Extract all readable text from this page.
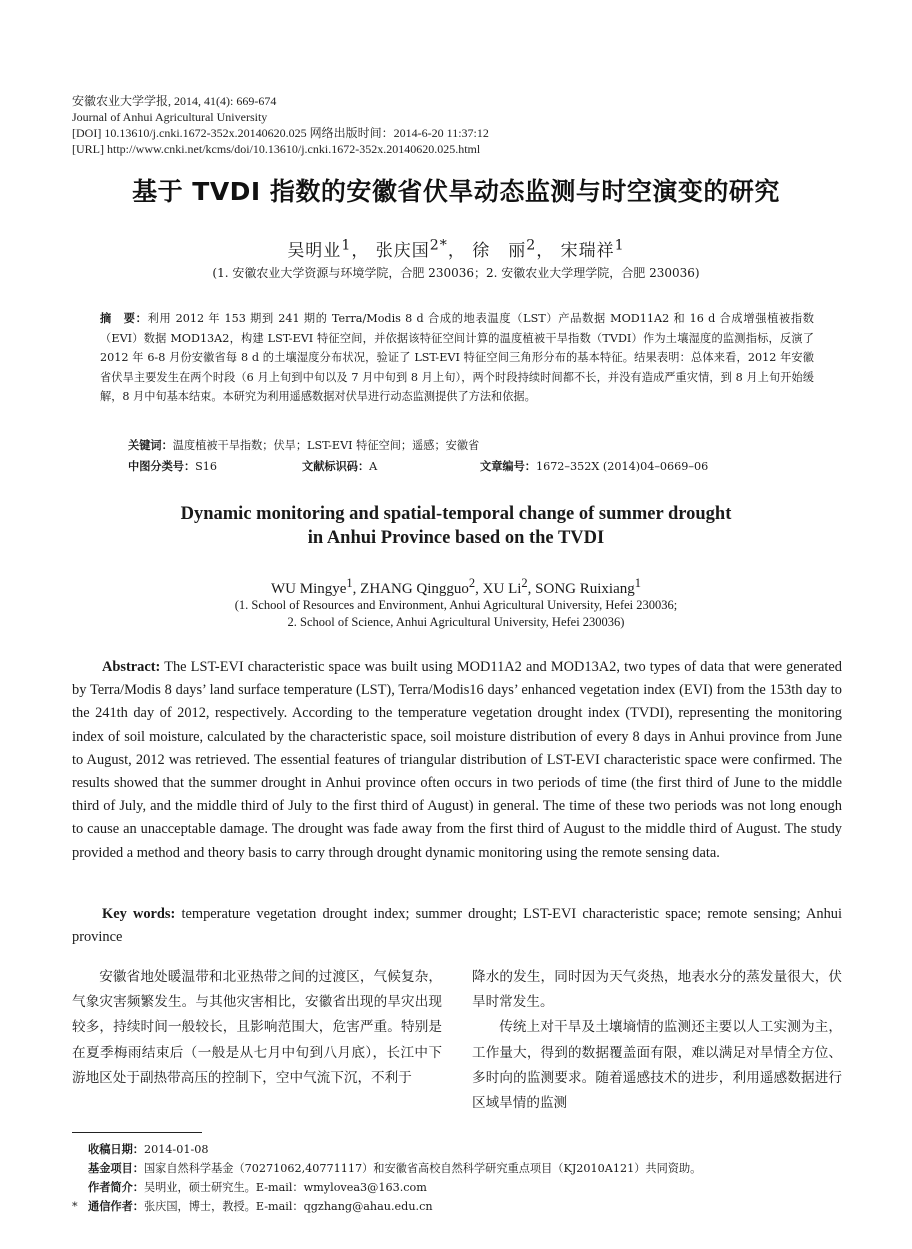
安徽农业大学学报, 2014, 41(4): 669-674
Journal of Anhui Agricultural University
[DOI] 10.13610/j.cnki.1672-352x.20140620.025 网络出版时间：2014-6-20 11:37:12
[URL] http://www.cnki.net/kcms/doi/10.13610/j.cnki.1672-352x.20140620.025.html
基于 TVDI 指数的安徽省伏旱动态监测与时空演变的研究
吴明业$^1$， 张庆国$^{2*}$， 徐　丽$^2$， 宋瑞祥$^1$
(1. 安徽农业大学资源与环境学院，合肥 230036；2. 安徽农业大学理学院，合肥 230036)
摘　要：利用 2012 年 153 期到 241 期的 Terra/Modis 8 d 合成的地表温度（LST）产品数据 MOD11A2 和 16 d 合成增强植被指数（EVI）数据 MOD13A2，构建 LST-EVI 特征空间，并依据该特征空间计算的温度植被干旱指数（TVDI）作为土壤湿度的监测指标，反演了 2012 年 6-8 月份安徽省每 8 d 的土壤湿度分布状况，验证了 LST-EVI 特征空间三角形分布的基本特征。结果表明：总体来看，2012 年安徽省伏旱主要发生在两个时段（6 月上旬到中旬以及 7 月中旬到 8 月上旬），两个时段持续时间都不长，并没有造成严重灾情，到 8 月上旬开始缓解，8 月中旬基本结束。本研究为利用遥感数据对伏旱进行动态监测提供了方法和依据。
关键词：温度植被干旱指数；伏旱；LST-EVI 特征空间；遥感；安徽省
中图分类号：S16	文献标识码：A	文章编号：1672–352X (2014)04–0669–06
Dynamic monitoring and spatial-temporal change of summer drought
in Anhui Province based on the TVDI
WU Mingye$^1$, ZHANG Qingguo$^2$, XU Li$^2$, SONG Ruixiang$^1$
(1. School of Resources and Environment, Anhui Agricultural University, Hefei 230036;
2. School of Science, Anhui Agricultural University, Hefei 230036)
Abstract: The LST-EVI characteristic space was built using MOD11A2 and MOD13A2, two types of data that were generated by Terra/Modis 8 days’ land surface temperature (LST), Terra/Modis16 days’ enhanced vegetation index (EVI) from the 153th day to the 241th day of 2012, respectively. According to the temperature vegetation drought index (TVDI), representing the monitoring index of soil moisture, calculated by the characteristic space, soil moisture distribution of every 8 days in Anhui province from June to August, 2012 was retrieved. The essential features of triangular distribution of LST-EVI characteristic space were confirmed. The results showed that the summer drought in Anhui province often occurs in two periods of time (the first third of June to the middle third of July, and the middle third of July to the first third of August) in general. The time of these two periods was not long enough to cause an unacceptable damage. The drought was fade away from the first third of August to the middle third of August. The study provided a method and theory basis to carry through drought dynamic monitoring using the remote sensing data.
Key words: temperature vegetation drought index; summer drought; LST-EVI characteristic space; remote sensing; Anhui province

安徽省地处暖温带和北亚热带之间的过渡区，气候复杂，气象灾害频繁发生。与其他灾害相比，安徽省出现的旱灾出现较多，持续时间一般较长，且影响范围大，危害严重。特别是在夏季梅雨结束后（一般是从七月中旬到八月底），长江中下游地区处于副热带高压的控制下，空中气流下沉，不利于

降水的发生，同时因为天气炎热，地表水分的蒸发量很大，伏旱时常发生。

传统上对干旱及土壤墒情的监测还主要以人工实测为主，工作量大，得到的数据覆盖面有限，难以满足对旱情全方位、多时向的监测要求。随着遥感技术的进步，利用遥感数据进行区域旱情的监测

收稿日期：2014-01-08
基金项目：国家自然科学基金（70271062,40771117）和安徽省高校自然科学研究重点项目（KJ2010A121）共同资助。
作者简介：吴明业，硕士研究生。E-mail：wmylovea3@163.com
* 通信作者：张庆国，博士，教授。E-mail：qgzhang@ahau.edu.cn
